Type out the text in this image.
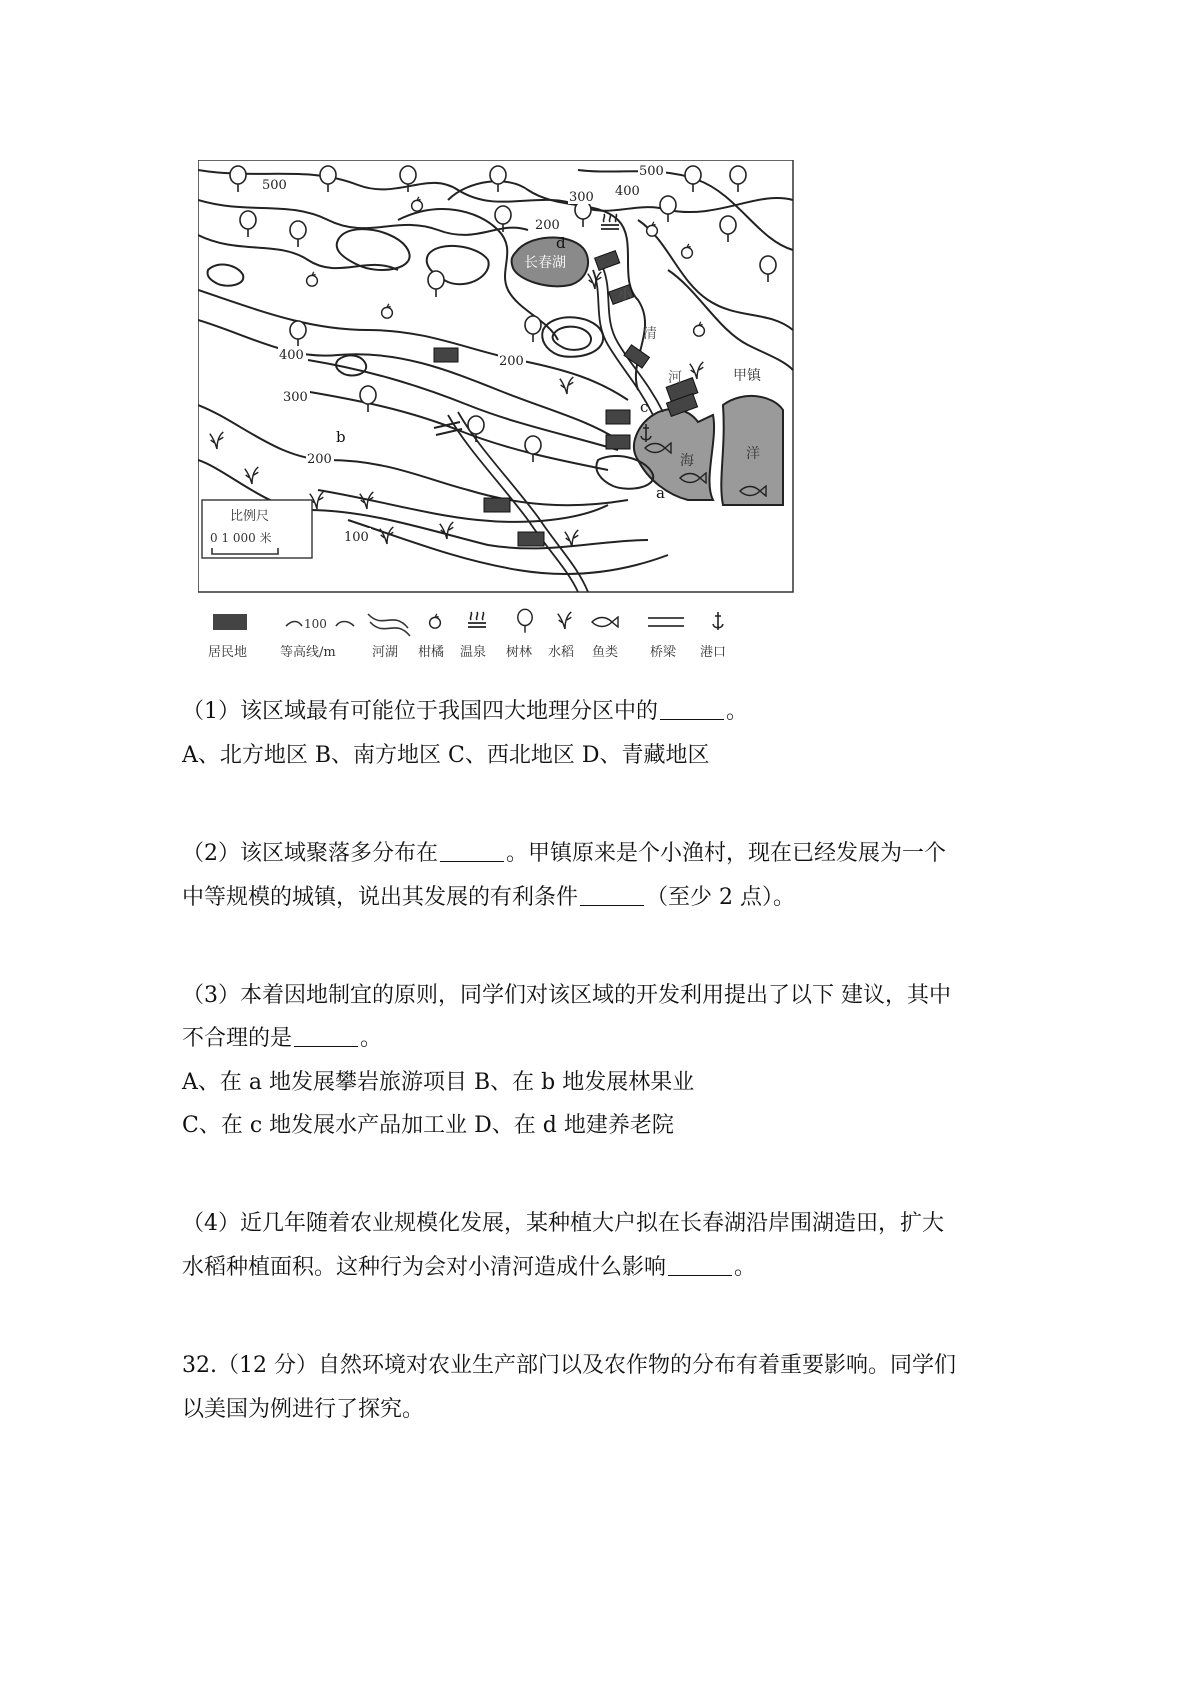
500
500
400
300
200
400
300
200
200
100
a
b
c
d
长春湖
小
清
河	甲镇
海	洋
比例尺
0 1 000 米
100
居民地	等高线/m	河湖 柑橘 温泉 树林 水稻 鱼类 桥梁 港口
（1）该区域最有可能位于我国四大地理分区中的	。
A、北方地区 B、南方地区 C、西北地区 D、青藏地区
（2）该区域聚落多分布在	。甲镇原来是个小渔村，现在已经发展为一个
中等规模的城镇，说出其发展的有利条件	（至少 2 点）。
（3）本着因地制宜的原则，同学们对该区域的开发利用提出了以下 建议，其中
不合理的是	。
A、在 a 地发展攀岩旅游项目 B、在 b 地发展林果业
C、在 c 地发展水产品加工业 D、在 d 地建养老院
（4）近几年随着农业规模化发展，某种植大户拟在长春湖沿岸围湖造田，扩大
水稻种植面积。这种行为会对小清河造成什么影响	。
32.（12 分）自然环境对农业生产部门以及农作物的分布有着重要影响。同学们
以美国为例进行了探究。
